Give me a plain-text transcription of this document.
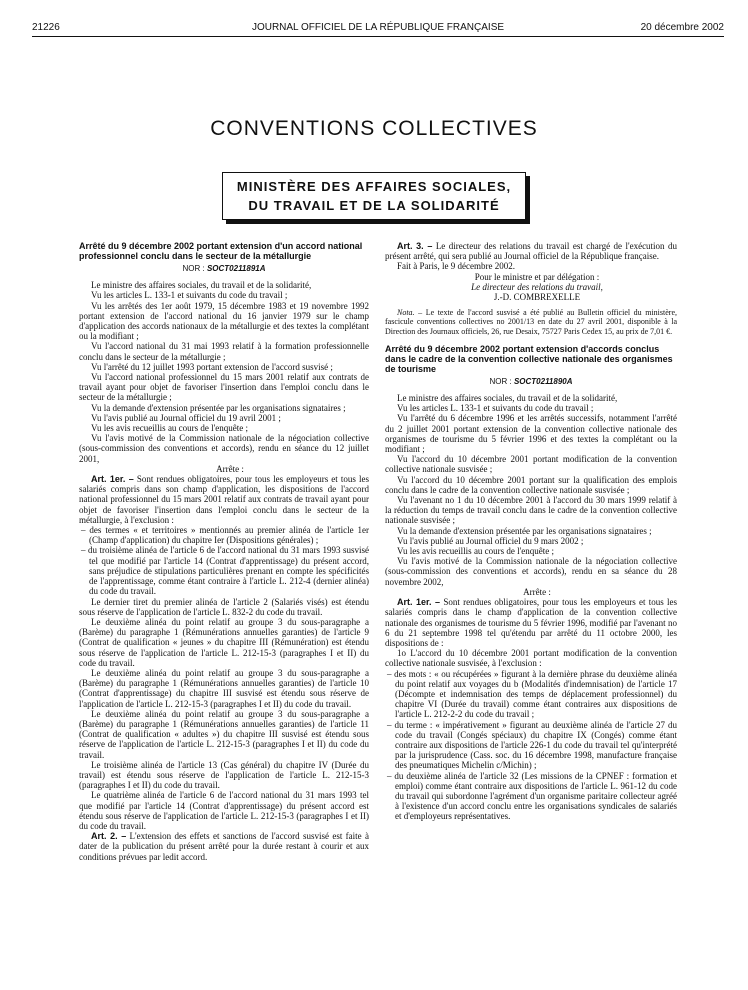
21226	JOURNAL OFFICIEL DE LA RÉPUBLIQUE FRANÇAISE	20 décembre 2002
CONVENTIONS COLLECTIVES
MINISTÈRE DES AFFAIRES SOCIALES,
DU TRAVAIL ET DE LA SOLIDARITÉ

Arrêté du 9 décembre 2002 portant extension d'un accord national professionnel conclu dans le secteur de la métallurgie

NOR : SOCT0211891A

Le ministre des affaires sociales, du travail et de la solidarité,

Vu les articles L. 133-1 et suivants du code du travail ;

Vu les arrêtés des 1er août 1979, 15 décembre 1983 et 19 novembre 1992 portant extension de l'accord national du 16 janvier 1979 sur le champ d'application des accords nationaux de la métallurgie et des textes la complétant ou la modifiant ;

Vu l'accord national du 31 mai 1993 relatif à la formation professionnelle conclu dans le secteur de la métallurgie ;

Vu l'arrêté du 12 juillet 1993 portant extension de l'accord susvisé ;

Vu l'accord national professionnel du 15 mars 2001 relatif aux contrats de travail ayant pour objet de favoriser l'insertion dans l'emploi conclu dans le secteur de la métallurgie ;

Vu la demande d'extension présentée par les organisations signataires ;

Vu l'avis publié au Journal officiel du 19 avril 2001 ;

Vu les avis recueillis au cours de l'enquête ;

Vu l'avis motivé de la Commission nationale de la négociation collective (sous-commission des conventions et accords), rendu en séance du 12 juillet 2001,

Arrête :

Art. 1er. – Sont rendues obligatoires, pour tous les employeurs et tous les salariés compris dans son champ d'application, les dispositions de l'accord national professionnel du 15 mars 2001 relatif aux contrats de travail ayant pour objet de favoriser l'insertion dans l'emploi conclu dans le secteur de la métallurgie, à l'exclusion :

– des termes « et territoires » mentionnés au premier alinéa de l'article 1er (Champ d'application) du chapitre Ier (Dispositions générales) ;

– du troisième alinéa de l'article 6 de l'accord national du 31 mars 1993 susvisé tel que modifié par l'article 14 (Contrat d'apprentissage) du présent accord, sans préjudice de stipulations particulières prenant en compte les spécificités de l'apprentissage, comme étant contraire à l'article L. 212-4 (dernier alinéa) du code du travail.

Le dernier tiret du premier alinéa de l'article 2 (Salariés visés) est étendu sous réserve de l'application de l'article L. 832-2 du code du travail.

Le deuxième alinéa du point relatif au groupe 3 du sous-paragraphe a (Barème) du paragraphe 1 (Rémunérations annuelles garanties) de l'article 9 (Contrat de qualification « jeunes » du chapitre III (Rémunération) est étendu sous réserve de l'application de l'article L. 212-15-3 (paragraphes I et II) du code du travail.

Le deuxième alinéa du point relatif au groupe 3 du sous-paragraphe a (Barème) du paragraphe 1 (Rémunérations annuelles garanties) de l'article 10 (Contrat d'apprentissage) du chapitre III susvisé est étendu sous réserve de l'application de l'article L. 212-15-3 (paragraphes I et II) du code du travail.

Le deuxième alinéa du point relatif au groupe 3 du sous-paragraphe a (Barème) du paragraphe 1 (Rémunérations annuelles garanties) de l'article 11 (Contrat de qualification « adultes ») du chapitre III susvisé est étendu sous réserve de l'application de l'article L. 212-15-3 (paragraphes I et II) du code du travail.

Le troisième alinéa de l'article 13 (Cas général) du chapitre IV (Durée du travail) est étendu sous réserve de l'application de l'article L. 212-15-3 (paragraphes I et II) du code du travail.

Le quatrième alinéa de l'article 6 de l'accord national du 31 mars 1993 tel que modifié par l'article 14 (Contrat d'apprentissage) du présent accord est étendu sous réserve de l'application de l'article L. 212-15-3 (paragraphes I et II) du code du travail.

Art. 2. – L'extension des effets et sanctions de l'accord susvisé est faite à dater de la publication du présent arrêté pour la durée restant à courir et aux conditions prévues par ledit accord.

Art. 3. – Le directeur des relations du travail est chargé de l'exécution du présent arrêté, qui sera publié au Journal officiel de la République française.

Fait à Paris, le 9 décembre 2002.

Pour le ministre et par délégation :

Le directeur des relations du travail,

J.-D. COMBREXELLE

Nota. – Le texte de l'accord susvisé a été publié au Bulletin officiel du ministère, fascicule conventions collectives no 2001/13 en date du 27 avril 2001, disponible à la Direction des Journaux officiels, 26, rue Desaix, 75727 Paris Cedex 15, au prix de 7,01 €.

Arrêté du 9 décembre 2002 portant extension d'accords conclus dans le cadre de la convention collective nationale des organismes de tourisme

NOR : SOCT0211890A

Le ministre des affaires sociales, du travail et de la solidarité,

Vu les articles L. 133-1 et suivants du code du travail ;

Vu l'arrêté du 6 décembre 1996 et les arrêtés successifs, notamment l'arrêté du 2 juillet 2001 portant extension de la convention collective nationale des organismes de tourisme du 5 février 1996 et des textes la complétant ou la modifiant ;

Vu l'accord du 10 décembre 2001 portant modification de la convention collective nationale susvisée ;

Vu l'accord du 10 décembre 2001 portant sur la qualification des emplois conclu dans le cadre de la convention collective nationale susvisée ;

Vu l'avenant no 1 du 10 décembre 2001 à l'accord du 30 mars 1999 relatif à la réduction du temps de travail conclu dans le cadre de la convention collective nationale susvisée ;

Vu la demande d'extension présentée par les organisations signataires ;

Vu l'avis publié au Journal officiel du 9 mars 2002 ;

Vu les avis recueillis au cours de l'enquête ;

Vu l'avis motivé de la Commission nationale de la négociation collective (sous-commission des conventions et accords), rendu en sa séance du 28 novembre 2002,

Arrête :

Art. 1er. – Sont rendues obligatoires, pour tous les employeurs et tous les salariés compris dans le champ d'application de la convention collective nationale des organismes de tourisme du 5 février 1996, modifié par l'avenant no 6 du 21 septembre 1998 tel qu'étendu par arrêté du 11 octobre 2000, les dispositions de :

1o L'accord du 10 décembre 2001 portant modification de la convention collective nationale susvisée, à l'exclusion :

– des mots : « ou récupérées » figurant à la dernière phrase du deuxième alinéa du point relatif aux voyages du b (Modalités d'indemnisation) de l'article 17 (Décompte et indemnisation des temps de déplacement professionnel) du chapitre VI (Durée du travail) comme étant contraires aux dispositions de l'article L. 212-2-2 du code du travail ;

– du terme : « impérativement » figurant au deuxième alinéa de l'article 27 du code du travail (Congés spéciaux) du chapitre IX (Congés) comme étant contraire aux dispositions de l'article 226-1 du code du travail tel qu'interprété par la jurisprudence (Cass. soc. du 16 décembre 1998, manufacture française des pneumatiques Michelin c/Michin) ;

– du deuxième alinéa de l'article 32 (Les missions de la CPNEF : formation et emploi) comme étant contraire aux dispositions de l'article L. 961-12 du code du travail qui subordonne l'agrément d'un organisme paritaire collecteur agréé à l'existence d'un accord conclu entre les organisations syndicales de salariés et d'employeurs représentatives.
